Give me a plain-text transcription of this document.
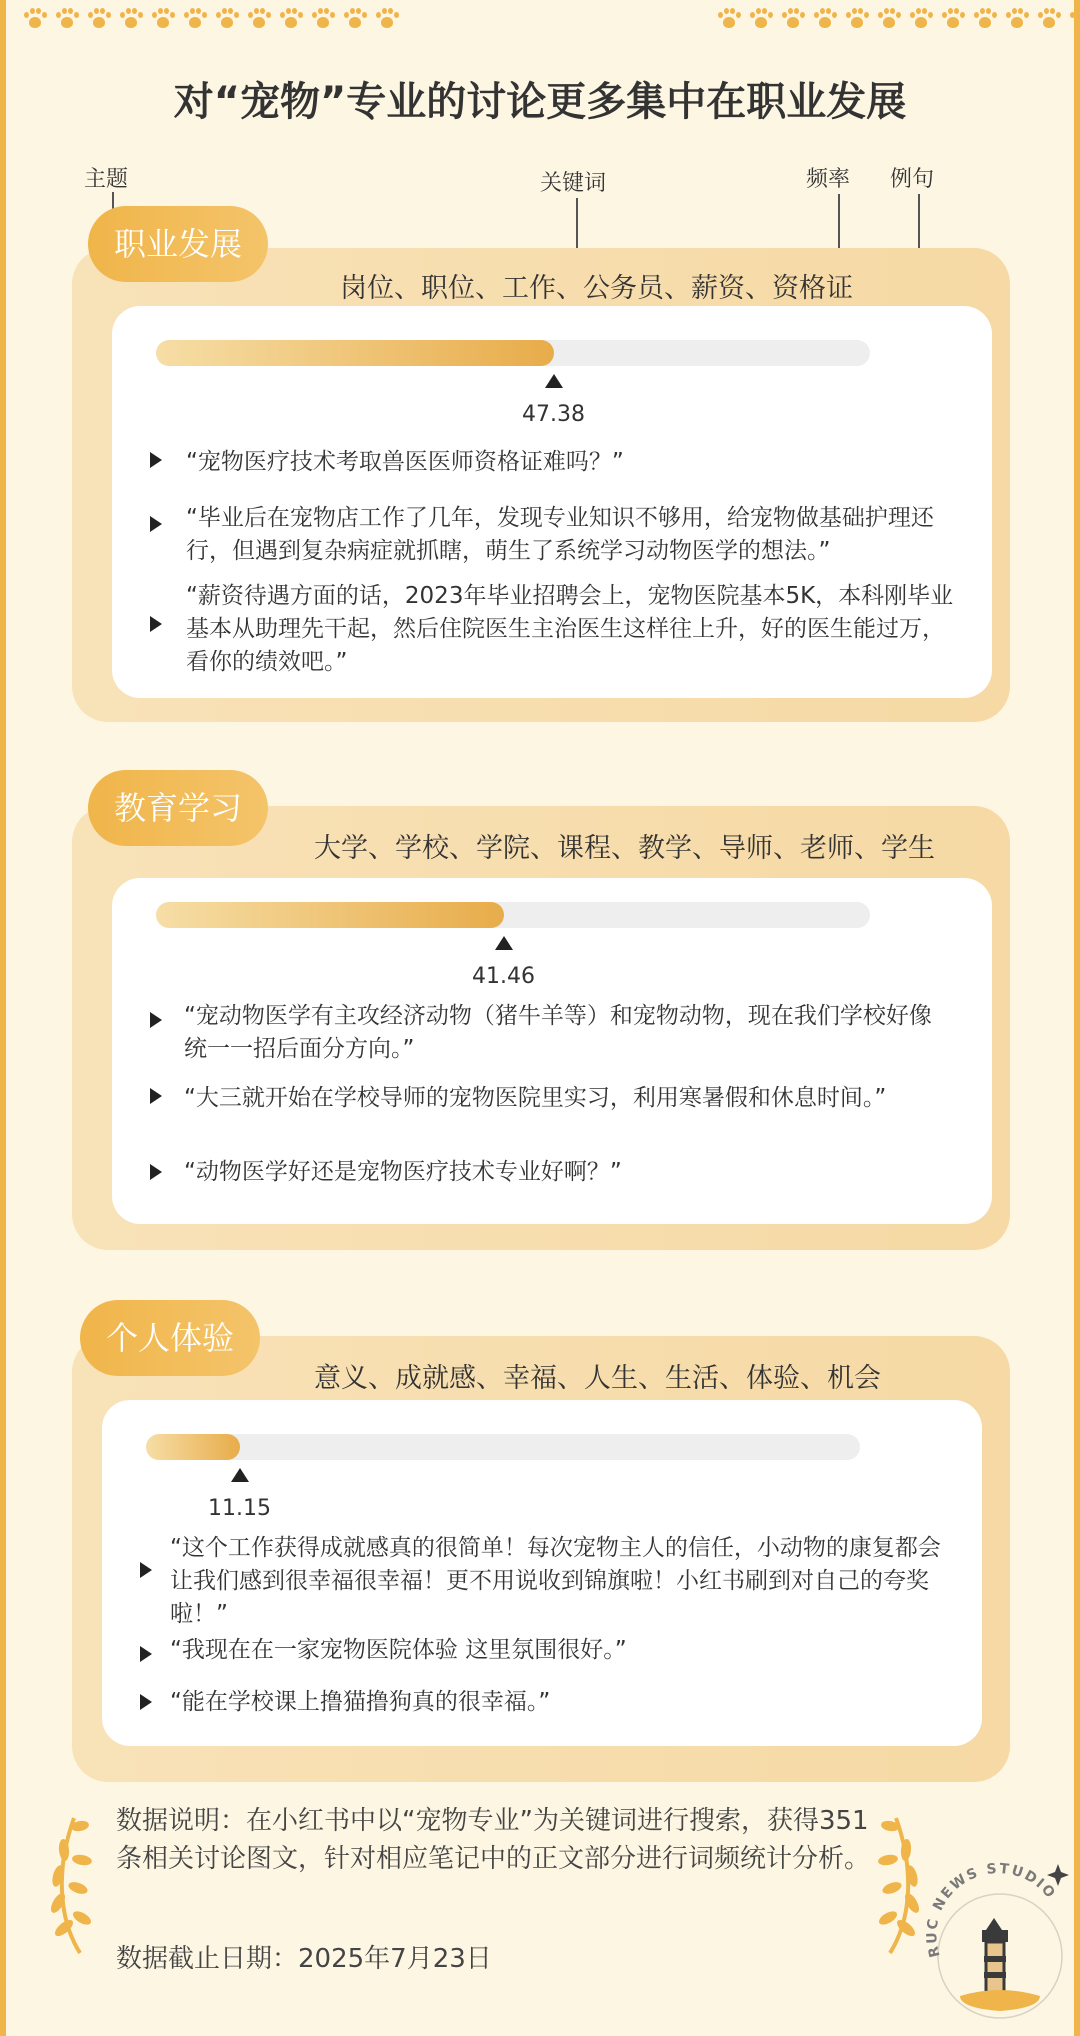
对“宠物”专业的讨论更多集中在职业发展
主题	关键词	频率 例句
职业发展
岗位、职位、工作、公务员、薪资、资格证
47.38
“宠物医疗技术考取兽医医师资格证难吗？”
“毕业后在宠物店工作了几年，发现专业知识不够用，给宠物做基础护理还行，但遇到复杂病症就抓瞎，萌生了系统学习动物医学的想法。”
“薪资待遇方面的话，2023年毕业招聘会上，宠物医院基本5K，本科刚毕业基本从助理先干起，然后住院医生主治医生这样往上升，好的医生能过万，看你的绩效吧。”
教育学习
大学、学校、学院、课程、教学、导师、老师、学生
41.46
“宠动物医学有主攻经济动物（猪牛羊等）和宠物动物，现在我们学校好像统一一招后面分方向。”
“大三就开始在学校导师的宠物医院里实习，利用寒暑假和休息时间。”
“动物医学好还是宠物医疗技术专业好啊？”
个人体验
意义、成就感、幸福、人生、生活、体验、机会
11.15
“这个工作获得成就感真的很简单！每次宠物主人的信任，小动物的康复都会让我们感到很幸福很幸福！更不用说收到锦旗啦！小红书刷到对自己的夸奖啦！”
“我现在在一家宠物医院体验 这里氛围很好。”
“能在学校课上撸猫撸狗真的很幸福。”
数据说明：在小红书中以“宠物专业”为关键词进行搜索，获得351条相关讨论图文，针对相应笔记中的正文部分进行词频统计分析。
数据截止日期：2025年7月23日	RUC NEWS STUDIO
